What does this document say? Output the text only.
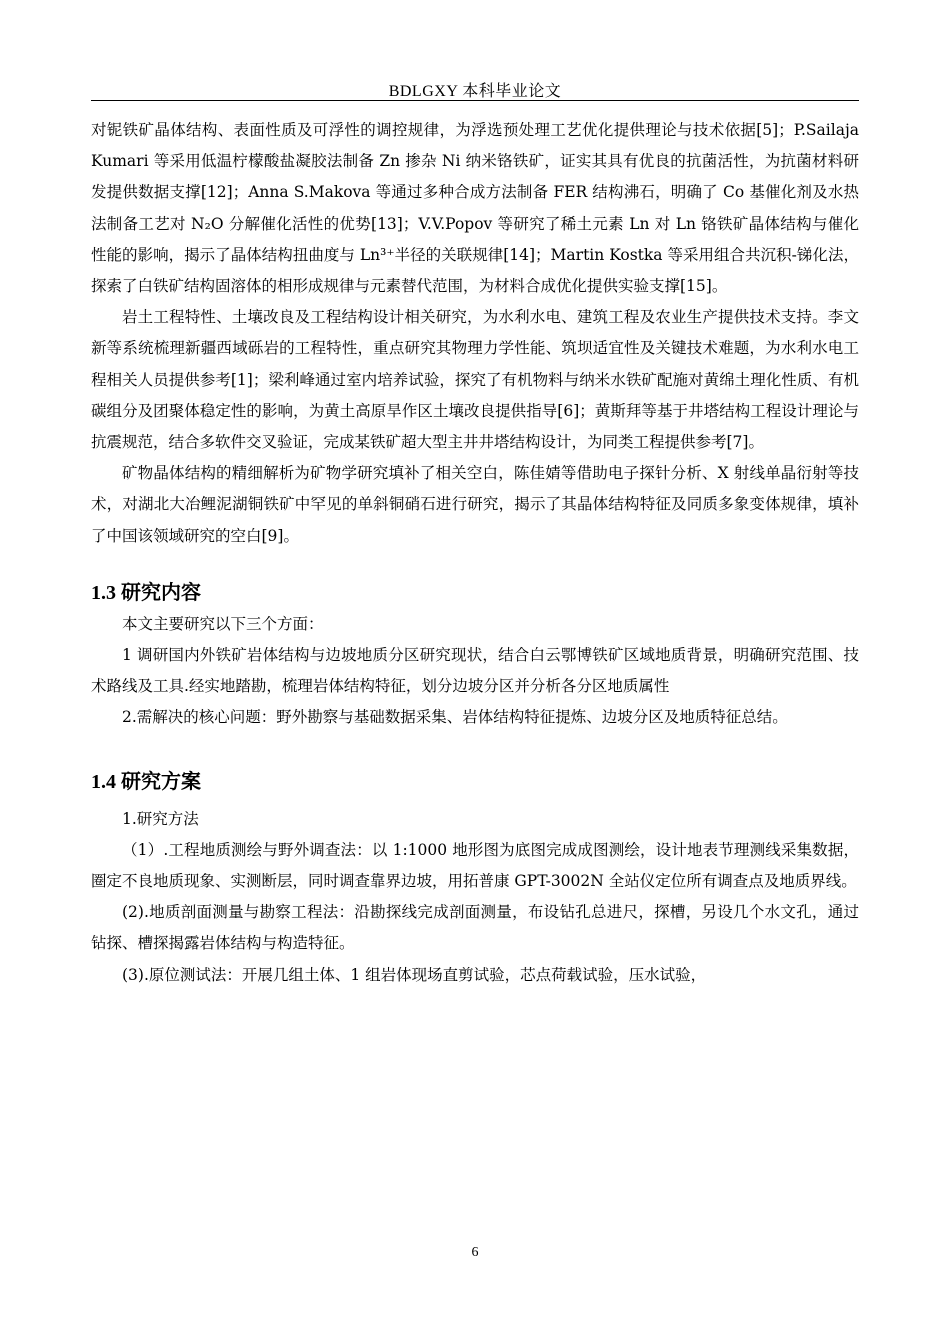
BDLGXY 本科毕业论文

对铌铁矿晶体结构、表面性质及可浮性的调控规律，为浮选预处理工艺优化提供理论与技术依据[5]；P.Sailaja Kumari 等采用低温柠檬酸盐凝胶法制备 Zn 掺杂 Ni 纳米铬铁矿，证实其具有优良的抗菌活性，为抗菌材料研发提供数据支撑[12]；Anna S.Makova 等通过多种合成方法制备 FER 结构沸石，明确了 Co 基催化剂及水热法制备工艺对 N₂O 分解催化活性的优势[13]；V.V.Popov 等研究了稀土元素 Ln 对 Ln 铬铁矿晶体结构与催化性能的影响，揭示了晶体结构扭曲度与 Ln³⁺半径的关联规律[14]；Martin Kostka 等采用组合共沉积-锑化法，探索了白铁矿结构固溶体的相形成规律与元素替代范围，为材料合成优化提供实验支撑[15]。

岩土工程特性、土壤改良及工程结构设计相关研究，为水利水电、建筑工程及农业生产提供技术支持。李文新等系统梳理新疆西域砾岩的工程特性，重点研究其物理力学性能、筑坝适宜性及关键技术难题，为水利水电工程相关人员提供参考[1]；梁利峰通过室内培养试验，探究了有机物料与纳米水铁矿配施对黄绵土理化性质、有机碳组分及团聚体稳定性的影响，为黄土高原旱作区土壤改良提供指导[6]；黄斯拜等基于井塔结构工程设计理论与抗震规范，结合多软件交叉验证，完成某铁矿超大型主井井塔结构设计，为同类工程提供参考[7]。

矿物晶体结构的精细解析为矿物学研究填补了相关空白，陈佳婧等借助电子探针分析、X 射线单晶衍射等技术，对湖北大冶鲤泥湖铜铁矿中罕见的单斜铜硝石进行研究，揭示了其晶体结构特征及同质多象变体规律，填补了中国该领域研究的空白[9]。

1.3 研究内容

本文主要研究以下三个方面：

1 调研国内外铁矿岩体结构与边坡地质分区研究现状，结合白云鄂博铁矿区域地质背景，明确研究范围、技术路线及工具.经实地踏勘，梳理岩体结构特征，划分边坡分区并分析各分区地质属性

2.需解决的核心问题：野外勘察与基础数据采集、岩体结构特征提炼、边坡分区及地质特征总结。

1.4 研究方案

1.研究方法

（1）.工程地质测绘与野外调查法：以 1:1000 地形图为底图完成成图测绘，设计地表节理测线采集数据，圈定不良地质现象、实测断层，同时调查靠界边坡，用拓普康 GPT-3002N 全站仪定位所有调查点及地质界线。

(2).地质剖面测量与勘察工程法：沿勘探线完成剖面测量，布设钻孔总进尺，探槽，另设几个水文孔，通过钻探、槽探揭露岩体结构与构造特征。

(3).原位测试法：开展几组土体、1 组岩体现场直剪试验，芯点荷载试验，压水试验，

6
